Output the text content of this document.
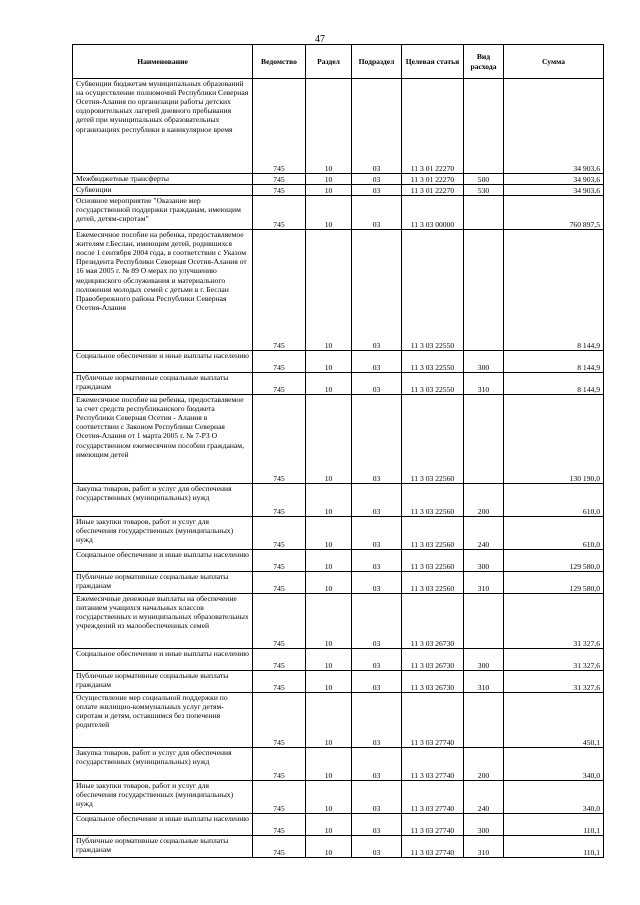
47
Наименование	Ведомство	Раздел	Подраздел	Целевая статья	Вид расхода	Сумма
Субвенции бюджетам муниципальных образований на осуществление полномочий Республики Северная Осетия-Алания по организации работы детских оздоровительных лагерей дневного пребывания детей при муниципальных образовательных организациях республики в каникулярное время	745	10	03	11 3 01 22270		34 903,6
Межбюджетные трансферты	745	10	03	11 3 01 22270	500	34 903,6
Субвенции	745	10	03	11 3 01 22270	530	34 903,6
Основное мероприятие "Оказание мер государственной поддержки гражданам, имеющим детей, детям-сиротам"	745	10	03	11 3 03 00000		760 897,5
Ежемесячное пособие на ребенка, предоставляемое жителям г.Беслан, имеющим детей, родившихся после 1 сентября 2004 года, в соответствии с Указом Президента Республики Северная Осетия-Алания от 16 мая 2005 г. № 89 О мерах по улучшению медицинского обслуживания и материального положения молодых семей с детьми в г. Беслан Правобережного района Республики Северная Осетия-Алания	745	10	03	11 3 03 22550		8 144,9
Социальное обеспечение и иные выплаты населению	745	10	03	11 3 03 22550	300	8 144,9
Публичные нормативные социальные выплаты гражданам	745	10	03	11 3 03 22550	310	8 144,9
Ежемесячное пособие на ребенка, предоставляемое за счет средств республиканского бюджета Республики Северная Осетия - Алания в соответствии с Законом Республики Северная Осетия-Алания от 1 марта 2005 г. № 7-РЗ О государственном ежемесячном пособии гражданам, имеющим детей	745	10	03	11 3 03 22560		130 190,0
Закупка товаров, работ и услуг для обеспечения государственных (муниципальных) нужд	745	10	03	11 3 03 22560	200	610,0
Иные закупки товаров, работ и услуг для обеспечения государственных (муниципальных) нужд	745	10	03	11 3 03 22560	240	610,0
Социальное обеспечение и иные выплаты населению	745	10	03	11 3 03 22560	300	129 580,0
Публичные нормативные социальные выплаты гражданам	745	10	03	11 3 03 22560	310	129 580,0
Ежемесячные денежные выплаты на обеспечение питанием учащихся начальных классов государственных и муниципальных образовательных учреждений из малообеспеченных семей	745	10	03	11 3 03 26730		31 327,6
Социальное обеспечение и иные выплаты населению	745	10	03	11 3 03 26730	300	31 327,6
Публичные нормативные социальные выплаты гражданам	745	10	03	11 3 03 26730	310	31 327,6
Осуществление мер социальной поддержки по оплате жилищно-коммунальных услуг детям-сиротам и детям, оставшимся без попечения родителей	745	10	03	11 3 03 27740		450,1
Закупка товаров, работ и услуг для обеспечения государственных (муниципальных) нужд	745	10	03	11 3 03 27740	200	340,0
Иные закупки товаров, работ и услуг для обеспечения государственных (муниципальных) нужд	745	10	03	11 3 03 27740	240	340,0
Социальное обеспечение и иные выплаты населению	745	10	03	11 3 03 27740	300	110,1
Публичные нормативные социальные выплаты гражданам	745	10	03	11 3 03 27740	310	110,1
